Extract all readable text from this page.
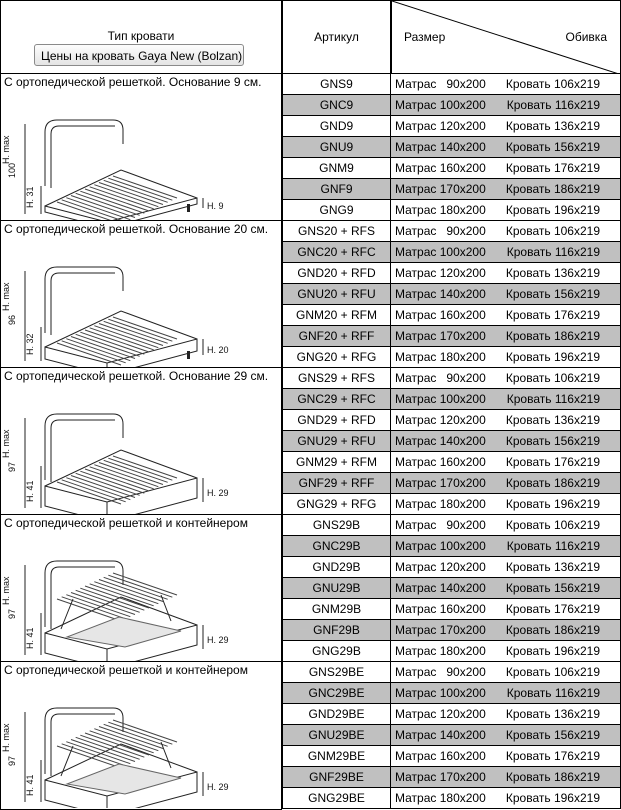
Тип кровати
Цены на кровать Gaya New (Bolzan)
Артикул	Размер	Обивка
С ортопедической решеткой. Основание 9 см.
H. max
100
H. 31	H. 9
GNS9	Матрас   90x200 Кровать 106x219
GNC9	Матрас 100x200 Кровать 116x219
GND9	Матрас 120x200 Кровать 136x219
GNU9	Матрас 140x200 Кровать 156x219
GNM9	Матрас 160x200 Кровать 176x219
GNF9	Матрас 170x200 Кровать 186x219
GNG9	Матрас 180x200 Кровать 196x219
С ортопедической решеткой. Основание 20 см.
H. max
96
H. 32	H. 20
GNS20 + RFS	Матрас   90x200 Кровать 106x219
GNC20 + RFC	Матрас 100x200 Кровать 116x219
GND20 + RFD	Матрас 120x200 Кровать 136x219
GNU20 + RFU	Матрас 140x200 Кровать 156x219
GNM20 + RFM	Матрас 160x200 Кровать 176x219
GNF20 + RFF	Матрас 170x200 Кровать 186x219
GNG20 + RFG	Матрас 180x200 Кровать 196x219
С ортопедической решеткой. Основание 29 см.
H. max
97
H. 41	H. 29
GNS29 + RFS	Матрас   90x200 Кровать 106x219
GNC29 + RFC	Матрас 100x200 Кровать 116x219
GND29 + RFD	Матрас 120x200 Кровать 136x219
GNU29 + RFU	Матрас 140x200 Кровать 156x219
GNM29 + RFM	Матрас 160x200 Кровать 176x219
GNF29 + RFF	Матрас 170x200 Кровать 186x219
GNG29 + RFG	Матрас 180x200 Кровать 196x219
С ортопедической решеткой и контейнером
H. max
97
H. 41	H. 29
GNS29B	Матрас   90x200 Кровать 106x219
GNC29B	Матрас 100x200 Кровать 116x219
GND29B	Матрас 120x200 Кровать 136x219
GNU29B	Матрас 140x200 Кровать 156x219
GNM29B	Матрас 160x200 Кровать 176x219
GNF29B	Матрас 170x200 Кровать 186x219
GNG29B	Матрас 180x200 Кровать 196x219
С ортопедической решеткой и контейнером
H. max
97
H. 41	H. 29
GNS29BE	Матрас   90x200 Кровать 106x219
GNC29BE	Матрас 100x200 Кровать 116x219
GND29BE	Матрас 120x200 Кровать 136x219
GNU29BE	Матрас 140x200 Кровать 156x219
GNM29BE	Матрас 160x200 Кровать 176x219
GNF29BE	Матрас 170x200 Кровать 186x219
GNG29BE	Матрас 180x200 Кровать 196x219
